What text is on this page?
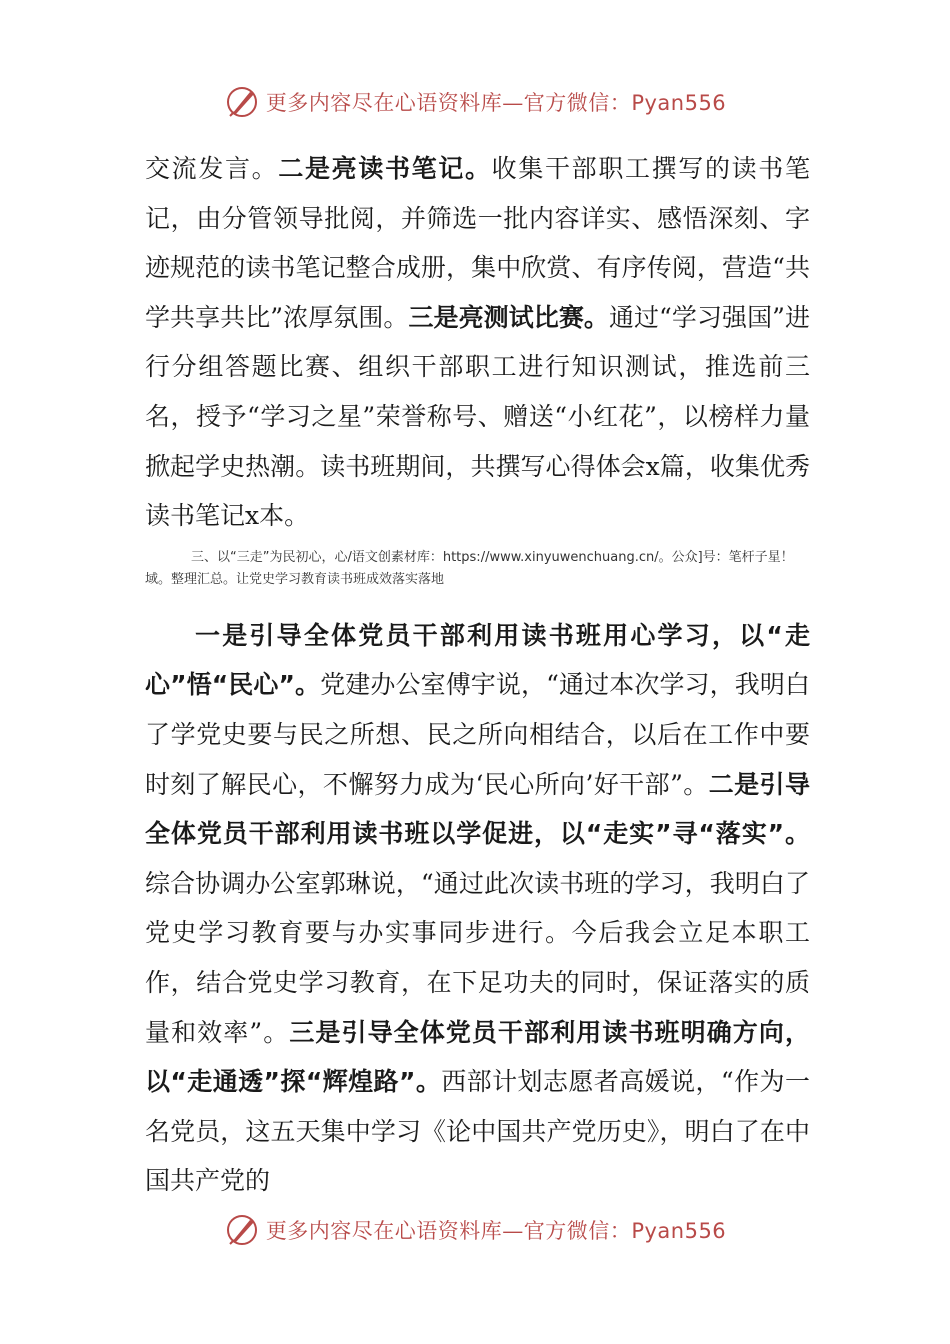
更多内容尽在心语资料库—官方微信：Pyan556

交流发言。二是亮读书笔记。收集干部职工撰写的读书笔记，由分管领导批阅，并筛选一批内容详实、感悟深刻、字迹规范的读书笔记整合成册，集中欣赏、有序传阅，营造“共学共享共比”浓厚氛围。三是亮测试比赛。通过“学习强国”进行分组答题比赛、组织干部职工进行知识测试，推选前三名，授予“学习之星”荣誉称号、赠送“小红花”，以榜样力量掀起学史热潮。读书班期间，共撰写心得体会x篇，收集优秀读书笔记x本。

三、以“三走”为民初心，心/语文创素材库：https://www.xinyuwenchuang.cn/。公众]号：笔杆子星！域。整理汇总。让党史学习教育读书班成效落实落地

一是引导全体党员干部利用读书班用心学习，以“走心”悟“民心”。党建办公室傅宇说，“通过本次学习，我明白了学党史要与民之所想、民之所向相结合，以后在工作中要时刻了解民心，不懈努力成为‘民心所向’好干部”。二是引导全体党员干部利用读书班以学促进，以“走实”寻“落实”。综合协调办公室郭琳说，“通过此次读书班的学习，我明白了党史学习教育要与办实事同步进行。今后我会立足本职工作，结合党史学习教育，在下足功夫的同时，保证落实的质量和效率”。三是引导全体党员干部利用读书班明确方向，以“走通透”探“辉煌路”。西部计划志愿者高媛说，“作为一名党员，这五天集中学习《论中国共产党历史》，明白了在中国共产党的

更多内容尽在心语资料库—官方微信：Pyan556
